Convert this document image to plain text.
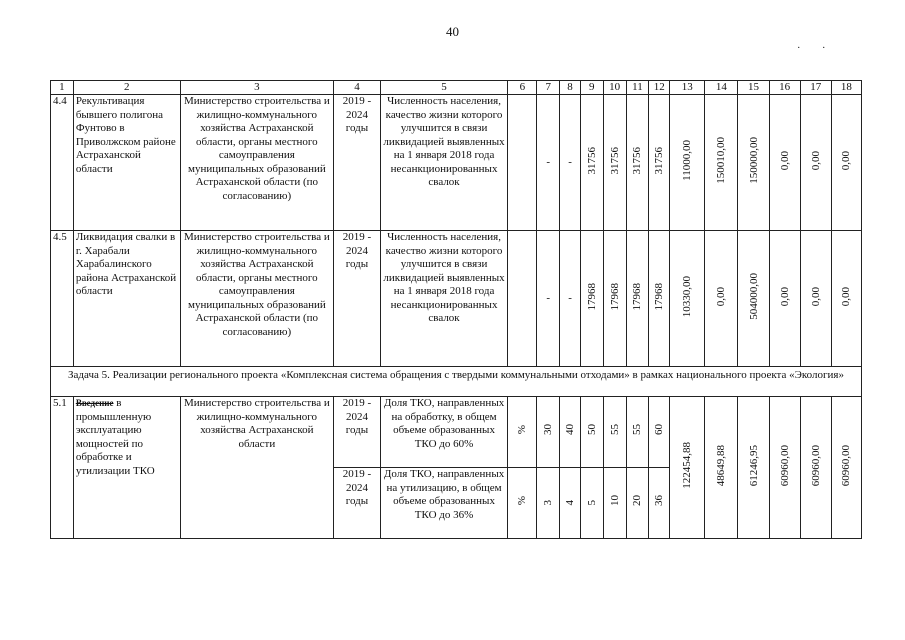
40
. .
1	2	3	4	5	6	7	8	9	10	11	12	13	14	15	16	17	18
4.4	Рекультивация бывшего полигона Фунтово в Приволжском районе Астраханской области	Министерство строительства и жилищно-коммунального хозяйства Астраханской области, органы местного самоуправления муниципальных образований Астраханской области (по согласованию)	2019 - 2024 годы	Численность населения, качество жизни которого улучшится в связи ликвидацией выявленных на 1 января 2018 года несанкционированных свалок		-	-	31756	31756	31756	31756	11000,00	150010,00	150000,00	0,00	0,00	0,00
4.5	Ликвидация свалки в г. Харабали Харабалинского района Астраханской области	Министерство строительства и жилищно-коммунального хозяйства Астраханской области, органы местного самоуправления муниципальных образований Астраханской области (по согласованию)	2019 - 2024 годы	Численность населения, качество жизни которого улучшится в связи ликвидацией выявленных на 1 января 2018 года несанкционированных свалок		-	-	17968	17968	17968	17968	10330,00	0,00	504000,00	0,00	0,00	0,00
Задача 5. Реализации регионального проекта «Комплексная система обращения с твердыми коммунальными отходами» в рамках национального проекта «Экология»																	
5.1	Введение в промышленную эксплуатацию мощностей по обработке и утилизации ТКО	Министерство строительства и жилищно-коммунального хозяйства Астраханской области	2019 - 2024 годы	Доля ТКО, направленных на обработку, в общем объеме образованных ТКО до 60%	%	30	40	50	55	55	60	122454,88	48649,88	61246,95	60960,00	60960,00	60960,00
			2019 - 2024 годы	Доля ТКО, направленных на утилизацию, в общем объеме образованных ТКО до 36%	%	3	4	5	10	20	36						
